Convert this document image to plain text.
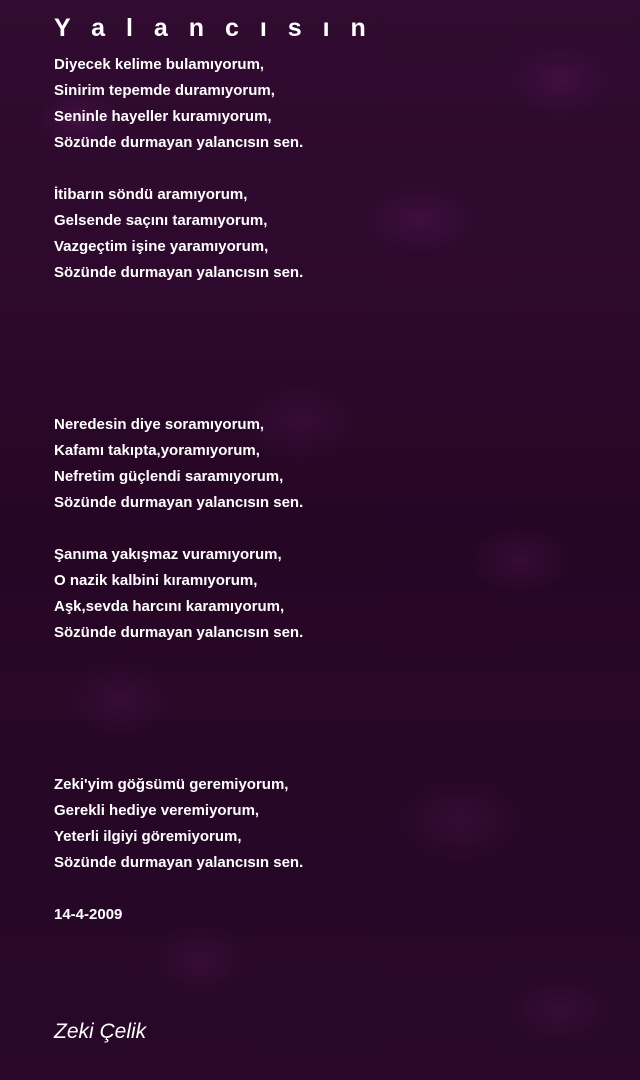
Y a l a n c ı s ı n
Diyecek kelime bulamıyorum,
Sinirim tepemde duramıyorum,
Seninle hayeller kuramıyorum,
Sözünde durmayan yalancısın sen.
İtibarın söndü aramıyorum,
Gelsende saçını taramıyorum,
Vazgeçtim işine yaramıyorum,
Sözünde durmayan yalancısın sen.
Neredesin diye soramıyorum,
Kafamı takıpta,yoramıyorum,
Nefretim güçlendi saramıyorum,
Sözünde durmayan yalancısın sen.
Şanıma yakışmaz vuramıyorum,
O nazik kalbini kıramıyorum,
Aşk,sevda harcını karamıyorum,
Sözünde durmayan yalancısın sen.
Zeki'yim göğsümü geremiyorum,
Gerekli hediye veremiyorum,
Yeterli ilgiyi göremiyorum,
Sözünde durmayan yalancısın sen.
14-4-2009
Zeki Çelik
